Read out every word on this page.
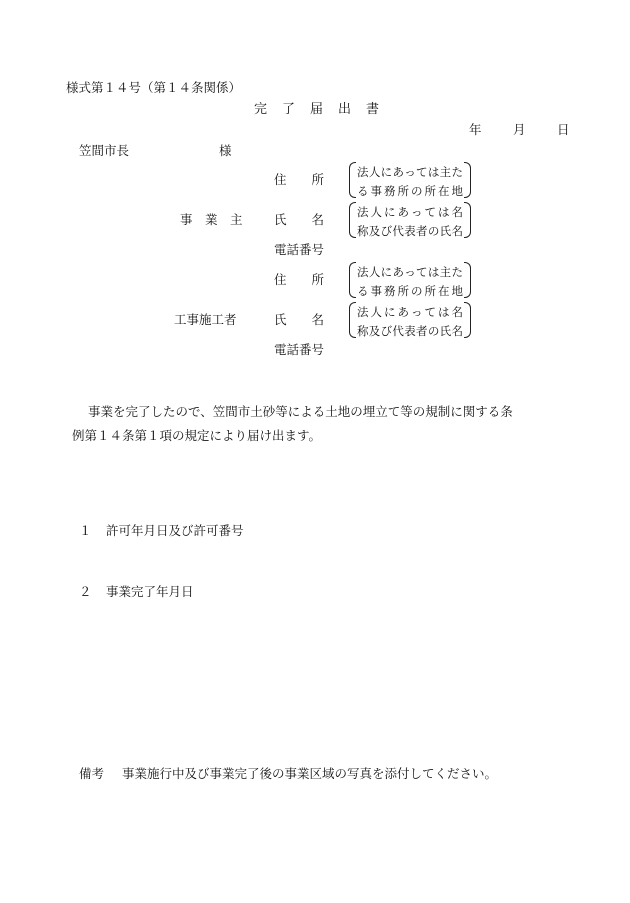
様式第１４号（第１４条関係）
完　了　届　出　書
年	月	日
笠間市長	様
住　　所	法人にあっては主た
る事務所の所在地
事　業　主	氏　　名	法人にあっては名
称及び代表者の氏名
電話番号
住　　所	法人にあっては主た
る事務所の所在地
工事施工者	氏　　名	法人にあっては名
称及び代表者の氏名
電話番号
事業を完了したので、笠間市土砂等による土地の埋立て等の規制に関する条
例第１４条第１項の規定により届け出ます。
１ 許可年月日及び許可番号
２ 事業完了年月日
備考 事業施行中及び事業完了後の事業区域の写真を添付してください。
